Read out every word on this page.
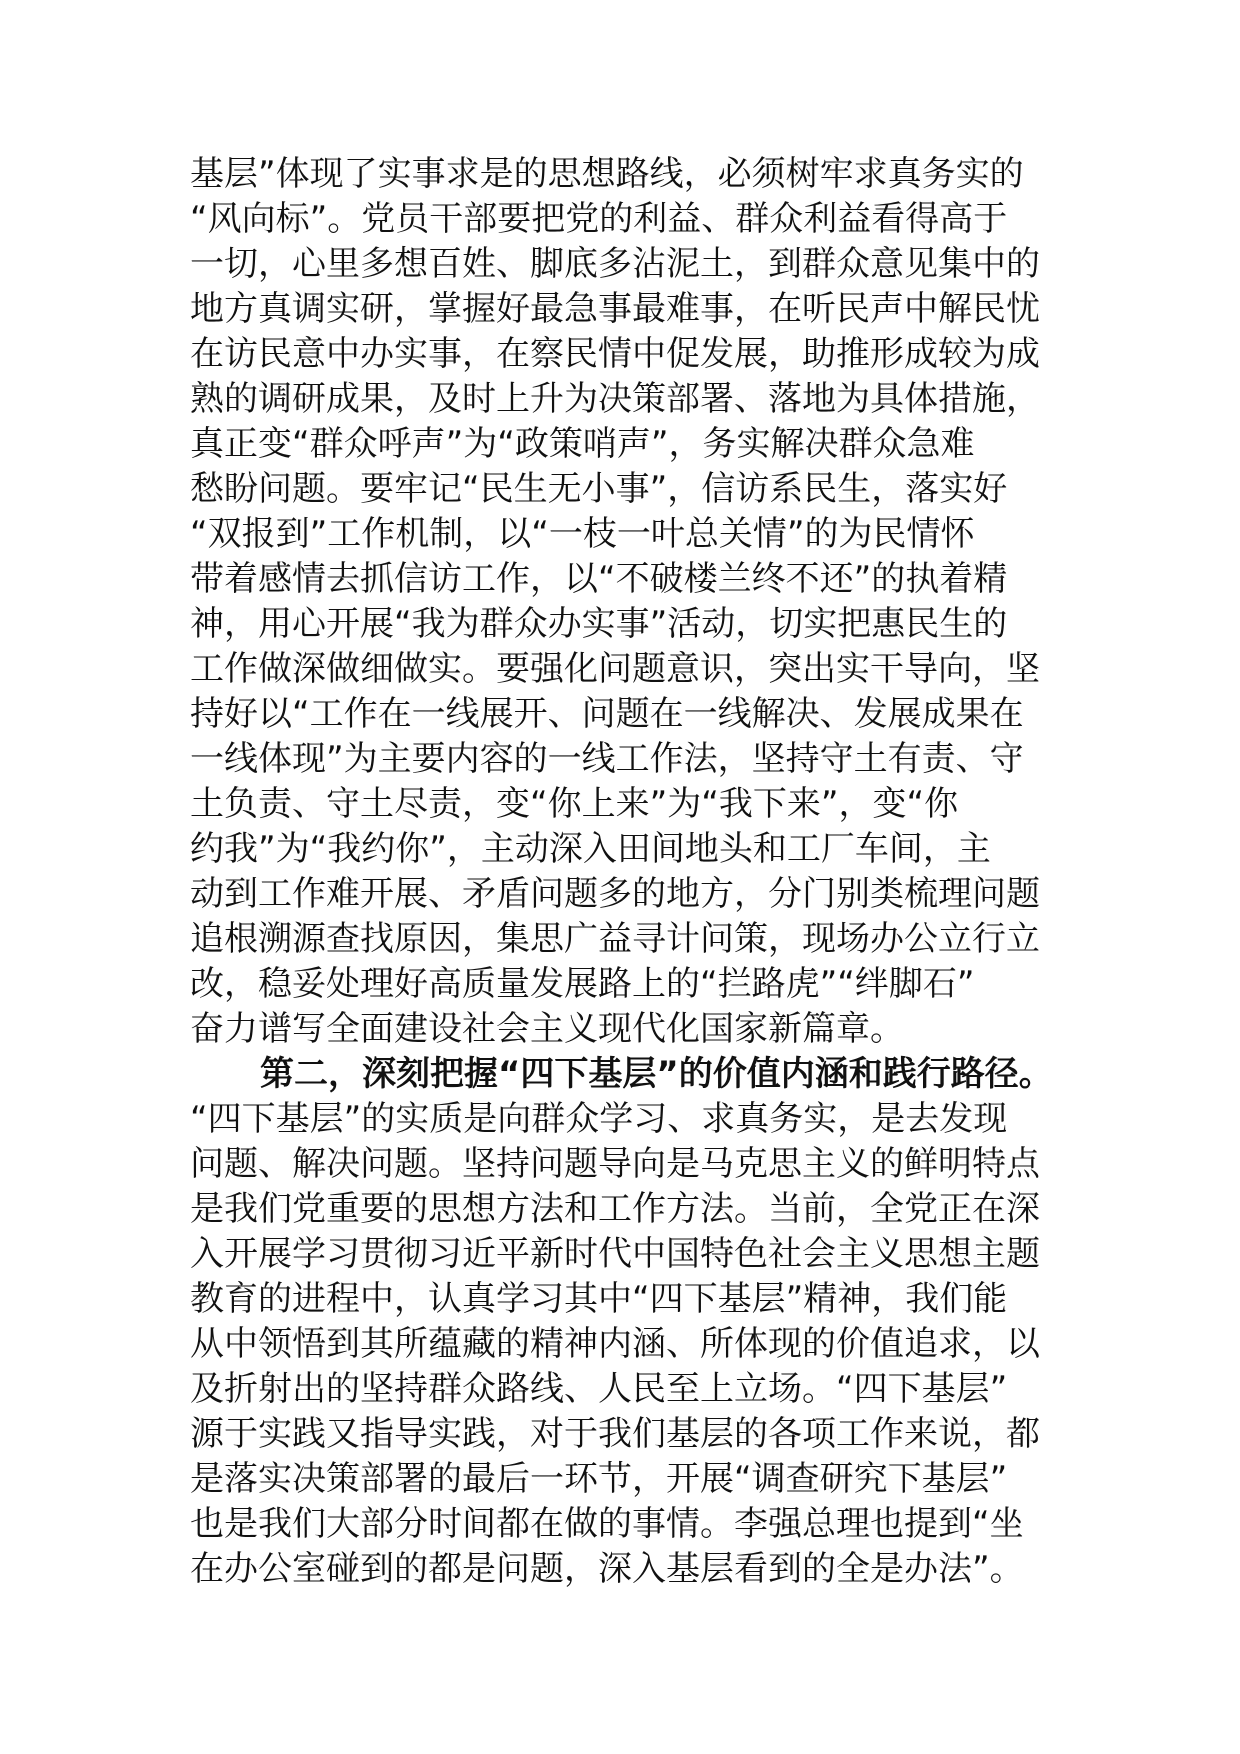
基层”体现了实事求是的思想路线，必须树牢求真务实的
“风向标”。党员干部要把党的利益、群众利益看得高于
一切，心里多想百姓、脚底多沾泥土，到群众意见集中的
地方真调实研，掌握好最急事最难事，在听民声中解民忧
在访民意中办实事，在察民情中促发展，助推形成较为成
熟的调研成果，及时上升为决策部署、落地为具体措施，
真正变“群众呼声”为“政策哨声”，务实解决群众急难
愁盼问题。要牢记“民生无小事”，信访系民生，落实好
“双报到”工作机制，以“一枝一叶总关情”的为民情怀
带着感情去抓信访工作，以“不破楼兰终不还”的执着精
神，用心开展“我为群众办实事”活动，切实把惠民生的
工作做深做细做实。要强化问题意识，突出实干导向，坚
持好以“工作在一线展开、问题在一线解决、发展成果在
一线体现”为主要内容的一线工作法，坚持守土有责、守
土负责、守土尽责，变“你上来”为“我下来”，变“你
约我”为“我约你”，主动深入田间地头和工厂车间，主
动到工作难开展、矛盾问题多的地方，分门别类梳理问题
追根溯源查找原因，集思广益寻计问策，现场办公立行立
改，稳妥处理好高质量发展路上的“拦路虎”“绊脚石”
奋力谱写全面建设社会主义现代化国家新篇章。
第二，深刻把握“四下基层”的价值内涵和践行路径。
“四下基层”的实质是向群众学习、求真务实，是去发现
问题、解决问题。坚持问题导向是马克思主义的鲜明特点
是我们党重要的思想方法和工作方法。当前，全党正在深
入开展学习贯彻习近平新时代中国特色社会主义思想主题
教育的进程中，认真学习其中“四下基层”精神，我们能
从中领悟到其所蕴藏的精神内涵、所体现的价值追求，以
及折射出的坚持群众路线、人民至上立场。“四下基层”
源于实践又指导实践，对于我们基层的各项工作来说，都
是落实决策部署的最后一环节，开展“调查研究下基层”
也是我们大部分时间都在做的事情。李强总理也提到“坐
在办公室碰到的都是问题，深入基层看到的全是办法”。
